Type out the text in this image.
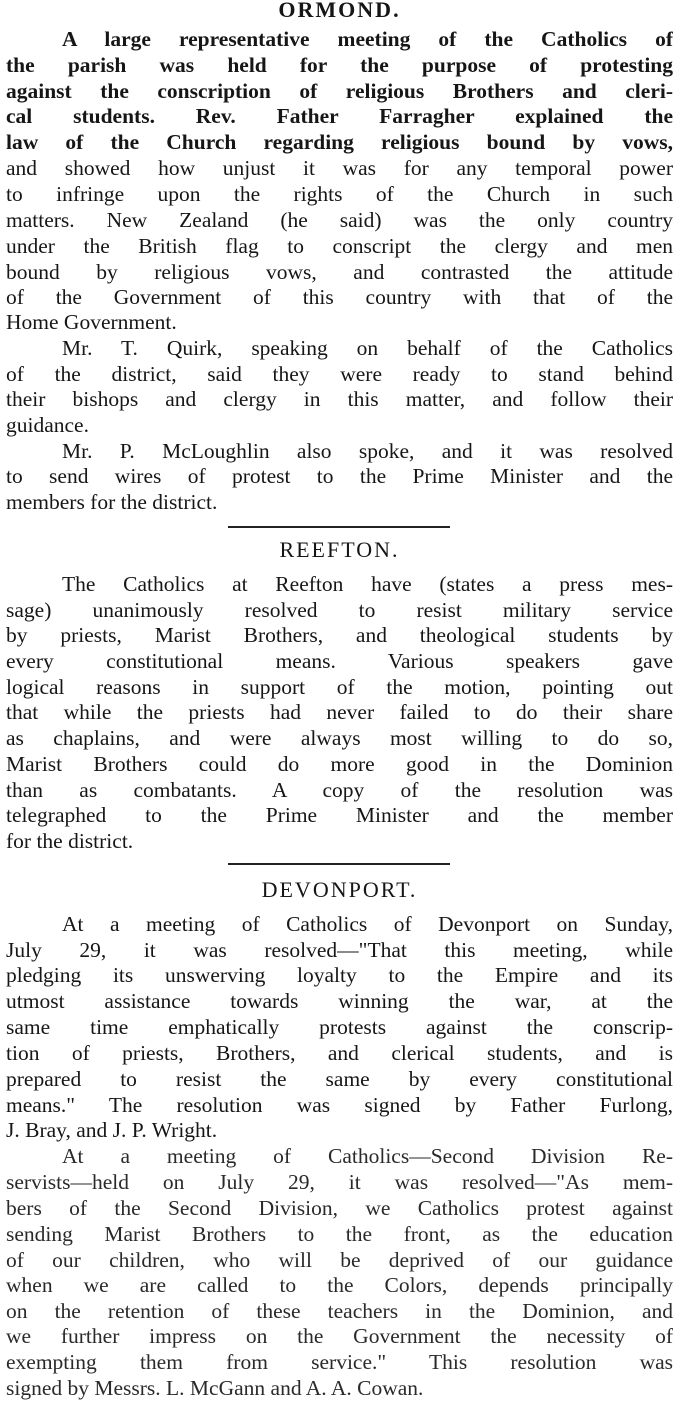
ORMOND.
A large representative meeting of the Catholics of
the parish was held for the purpose of protesting
against the conscription of religious Brothers and cleri-
cal students. Rev. Father Farragher explained the
law of the Church regarding religious bound by vows,
and showed how unjust it was for any temporal power
to infringe upon the rights of the Church in such
matters. New Zealand (he said) was the only country
under the British flag to conscript the clergy and men
bound by religious vows, and contrasted the attitude
of the Government of this country with that of the
Home Government.
Mr. T. Quirk, speaking on behalf of the Catholics
of the district, said they were ready to stand behind
their bishops and clergy in this matter, and follow their
guidance.
Mr. P. McLoughlin also spoke, and it was resolved
to send wires of protest to the Prime Minister and the
members for the district.
REEFTON.
The Catholics at Reefton have (states a press mes-
sage) unanimously resolved to resist military service
by priests, Marist Brothers, and theological students by
every constitutional means. Various speakers gave
logical reasons in support of the motion, pointing out
that while the priests had never failed to do their share
as chaplains, and were always most willing to do so,
Marist Brothers could do more good in the Dominion
than as combatants. A copy of the resolution was
telegraphed to the Prime Minister and the member
for the district.
DEVONPORT.
At a meeting of Catholics of Devonport on Sunday,
July 29, it was resolved—"That this meeting, while
pledging its unswerving loyalty to the Empire and its
utmost assistance towards winning the war, at the
same time emphatically protests against the conscrip-
tion of priests, Brothers, and clerical students, and is
prepared to resist the same by every constitutional
means." The resolution was signed by Father Furlong,
J. Bray, and J. P. Wright.
At a meeting of Catholics—Second Division Re-
servists—held on July 29, it was resolved—"As mem-
bers of the Second Division, we Catholics protest against
sending Marist Brothers to the front, as the education
of our children, who will be deprived of our guidance
when we are called to the Colors, depends principally
on the retention of these teachers in the Dominion, and
we further impress on the Government the necessity of
exempting them from service." This resolution was
signed by Messrs. L. McGann and A. A. Cowan.
